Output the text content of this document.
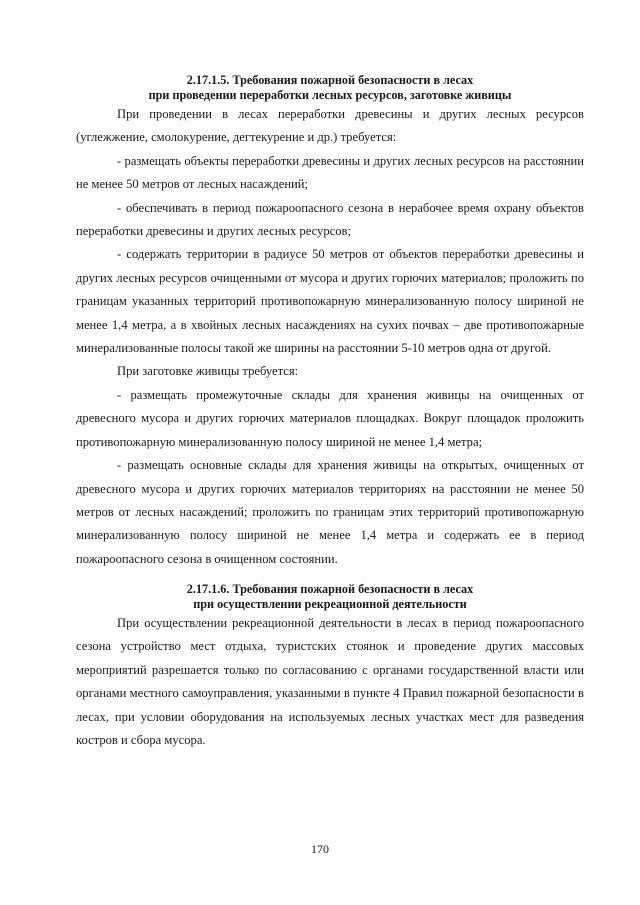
2.17.1.5. Требования пожарной безопасности в лесах
при проведении переработки лесных ресурсов, заготовке живицы

При проведении в лесах переработки древесины и других лесных ресурсов (углежжение, смолокурение, дегтекурение и др.) требуется:

- размещать объекты переработки древесины и других лесных ресурсов на расстоянии не менее 50 метров от лесных насаждений;

- обеспечивать в период пожароопасного сезона в нерабочее время охрану объектов переработки древесины и других лесных ресурсов;

- содержать территории в радиусе 50 метров от объектов переработки древесины и других лесных ресурсов очищенными от мусора и других горючих материалов; проложить по границам указанных территорий противопожарную минерализованную полосу шириной не менее 1,4 метра, а в хвойных лесных насаждениях на сухих почвах – две противопожарные минерализованные полосы такой же ширины на расстоянии 5-10 метров одна от другой.

При заготовке живицы требуется:

- размещать промежуточные склады для хранения живицы на очищенных от древесного мусора и других горючих материалов площадках. Вокруг площадок проложить противопожарную минерализованную полосу шириной не менее 1,4 метра;

- размещать основные склады для хранения живицы на открытых, очищенных от древесного мусора и других горючих материалов территориях на расстоянии не менее 50 метров от лесных насаждений; проложить по границам этих территорий противопожарную минерализованную полосу шириной не менее 1,4 метра и содержать ее в период пожароопасного сезона в очищенном состоянии.

2.17.1.6. Требования пожарной безопасности в лесах
при осуществлении рекреационной деятельности

При осуществлении рекреационной деятельности в лесах в период пожароопасного сезона устройство мест отдыха, туристских стоянок и проведение других массовых мероприятий разрешается только по согласованию с органами государственной власти или органами местного самоуправления, указанными в пункте 4 Правил пожарной безопасности в лесах, при условии оборудования на используемых лесных участках мест для разведения костров и сбора мусора.

170
